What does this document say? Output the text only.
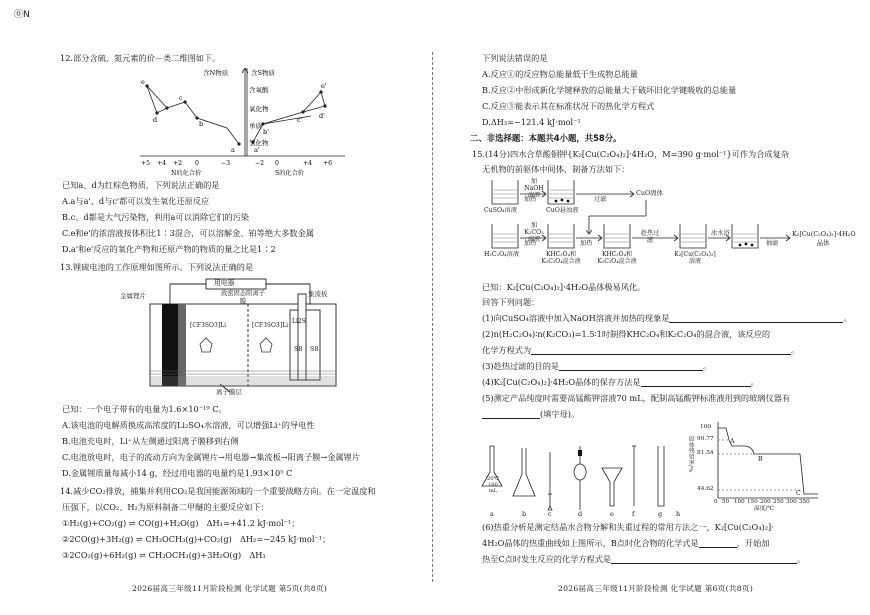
⓪N
12.部分含硫、氮元素的价－类二维图如下。
e
c
d	b
a	a'
b'
c'	d'
e'
含N物质	含S物质
含氧酸
氧化物
单质
氢化物
+5 +4 +2 0	−3	−2 0	+4 +6
N的化合价	S的化合价
已知a、d为红棕色物质，下列说法正确的是
A.a与a'、d与c'都可以发生氧化还原反应
B.c、d都是大气污染物，利用a可以消除它们的污染
C.e和e'的浓溶液按体积比1∶3混合，可以溶解金、铂等绝大多数金属
D.a'和e'反应的氧化产物和还原产物的物质的量之比是1∶2
13.锂硫电池的工作原理如图所示。下列说法正确的是
用电器
致密固态阳离子膜
金属锂片	集流板
[CF3SO3]Li	[CF3SO3]Li
Li2S
S8 S8
离子膜层
已知：一个电子带有的电量为1.6×10⁻¹⁹ C。
A.该电池的电解质换成高浓度的Li₂SO₄水溶液，可以增强Li⁺的导电性
B.电池充电时，Li⁺从左侧通过阳离子膜移到右侧
C.电池放电时，电子的流动方向为金属锂片→用电器→集流板→阳离子膜→金属锂片
D.金属锂质量每减小14 g，经过用电器的电量约是1.93×10⁵ C
14.减少CO₂排放，捕集并利用CO₂是我国能源领域的一个重要战略方向。在一定温度和
压强下，以CO₂、H₂为原料制备二甲醚的主要反应如下：
①H₂(g)+CO₂(g) ⇌ CO(g)+H₂O(g)　ΔH₁=+41.2 kJ·mol⁻¹；
②2CO(g)+3H₂(g) ⇌ CH₃OCH₃(g)+CO₂(g)　ΔH₂=−245 kJ·mol⁻¹；
③2CO₂(g)+6H₂(g) ⇌ CH₃OCH₃(g)+3H₂O(g)　ΔH₃
2026届高三年级11月阶段检测 化学试题 第5页(共8页)
下列说法错误的是
A.反应①的反应物总能量低于生成物总能量
B.反应②中形成新化学键释放的总能量大于破坏旧化学键吸收的总能量
C.反应③能表示其在标准状况下的热化学方程式
D.ΔH₃=−121.4 kJ·mol⁻¹
二、非选择题：本题共4小题，共58分。
15.(14分)四水合草酸铜钾{K₂[Cu(C₂O₄)₂]·4H₂O，M=390 g·mol⁻¹}可作为合成复杂
无机物的前驱体中间体，制备方法如下：
加NaOH溶液
加热	过滤
CuO固体
CuSO₄溶液	CuO悬浊液
加K₂CO₃溶液
加热	加热
趁热过滤
冰水浴
抽滤
H₂C₂O₄溶液	KHC₂O₄和K₂C₂O₄混合液
KHC₂O₄和K₂C₂O₄混合液
K₂[Cu(C₂O₄)₂]溶液
K₂[Cu(C₂O₄)₂]·4H₂O晶体
已知：K₂[Cu(C₂O₄)₂]·4H₂O晶体极易风化。
回答下列问题：
(1)向CuSO₄溶液中加入NaOH溶液并加热的现象是	。
(2)n(H₂C₂O₄)∶n(K₂CO₃)=1.5∶1时制得KHC₂O₄和K₂C₂O₄的混合液，该反应的
化学方程式为	。
(3)趁热过滤的目的是	。
(4)K₂[Cu(C₂O₄)₂]·4H₂O晶体的保存方法是	。
(5)测定产品纯度时需要高锰酸钾溶液70 mL，配制高锰酸钾标准液用到的玻璃仪器有
(填字母)。
20℃ 100 mL
a	b	c	d	e	f	g h
固体残留率/%
100
90.77
81.54
44.62
A
B
C
0 50 100 150 200 250 300 350
温度/℃
(6)热重分析是测定结晶水合物分解和失重过程的常用方法之一，K₂[Cu(C₂O₄)₂]·
4H₂O晶体的热重曲线如上图所示，B点时化合物的化学式是	，开始加
热至C点时发生反应的化学方程式是	。
2026届高三年级11月阶段检测 化学试题 第6页(共8页)
